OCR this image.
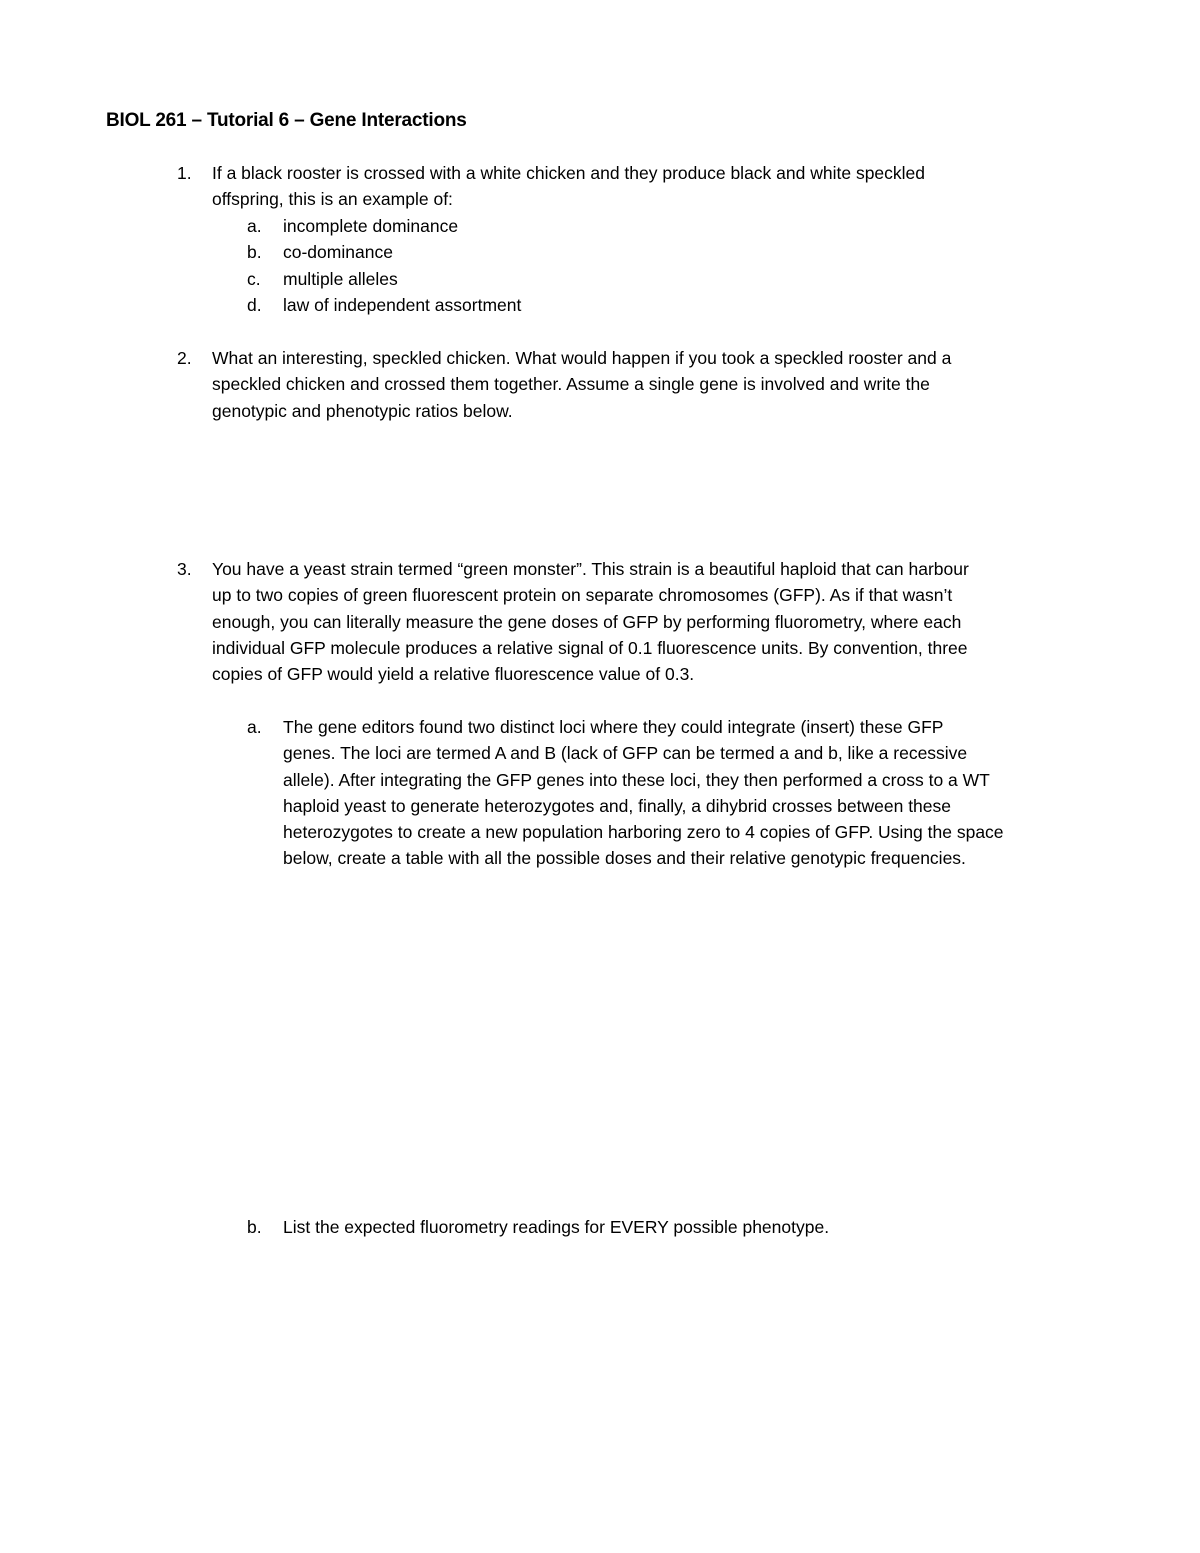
BIOL 261 – Tutorial 6 – Gene Interactions
1. If a black rooster is crossed with a white chicken and they produce black and white speckled
offspring, this is an example of:
a. incomplete dominance
b. co-dominance
c. multiple alleles
d. law of independent assortment
2. What an interesting, speckled chicken. What would happen if you took a speckled rooster and a
speckled chicken and crossed them together. Assume a single gene is involved and write the
genotypic and phenotypic ratios below.
3. You have a yeast strain termed “green monster”. This strain is a beautiful haploid that can harbour
up to two copies of green fluorescent protein on separate chromosomes (GFP). As if that wasn’t
enough, you can literally measure the gene doses of GFP by performing fluorometry, where each
individual GFP molecule produces a relative signal of 0.1 fluorescence units. By convention, three
copies of GFP would yield a relative fluorescence value of 0.3.
a. The gene editors found two distinct loci where they could integrate (insert) these GFP
genes. The loci are termed A and B (lack of GFP can be termed a and b, like a recessive
allele). After integrating the GFP genes into these loci, they then performed a cross to a WT
haploid yeast to generate heterozygotes and, finally, a dihybrid crosses between these
heterozygotes to create a new population harboring zero to 4 copies of GFP. Using the space
below, create a table with all the possible doses and their relative genotypic frequencies.
b. List the expected fluorometry readings for EVERY possible phenotype.
